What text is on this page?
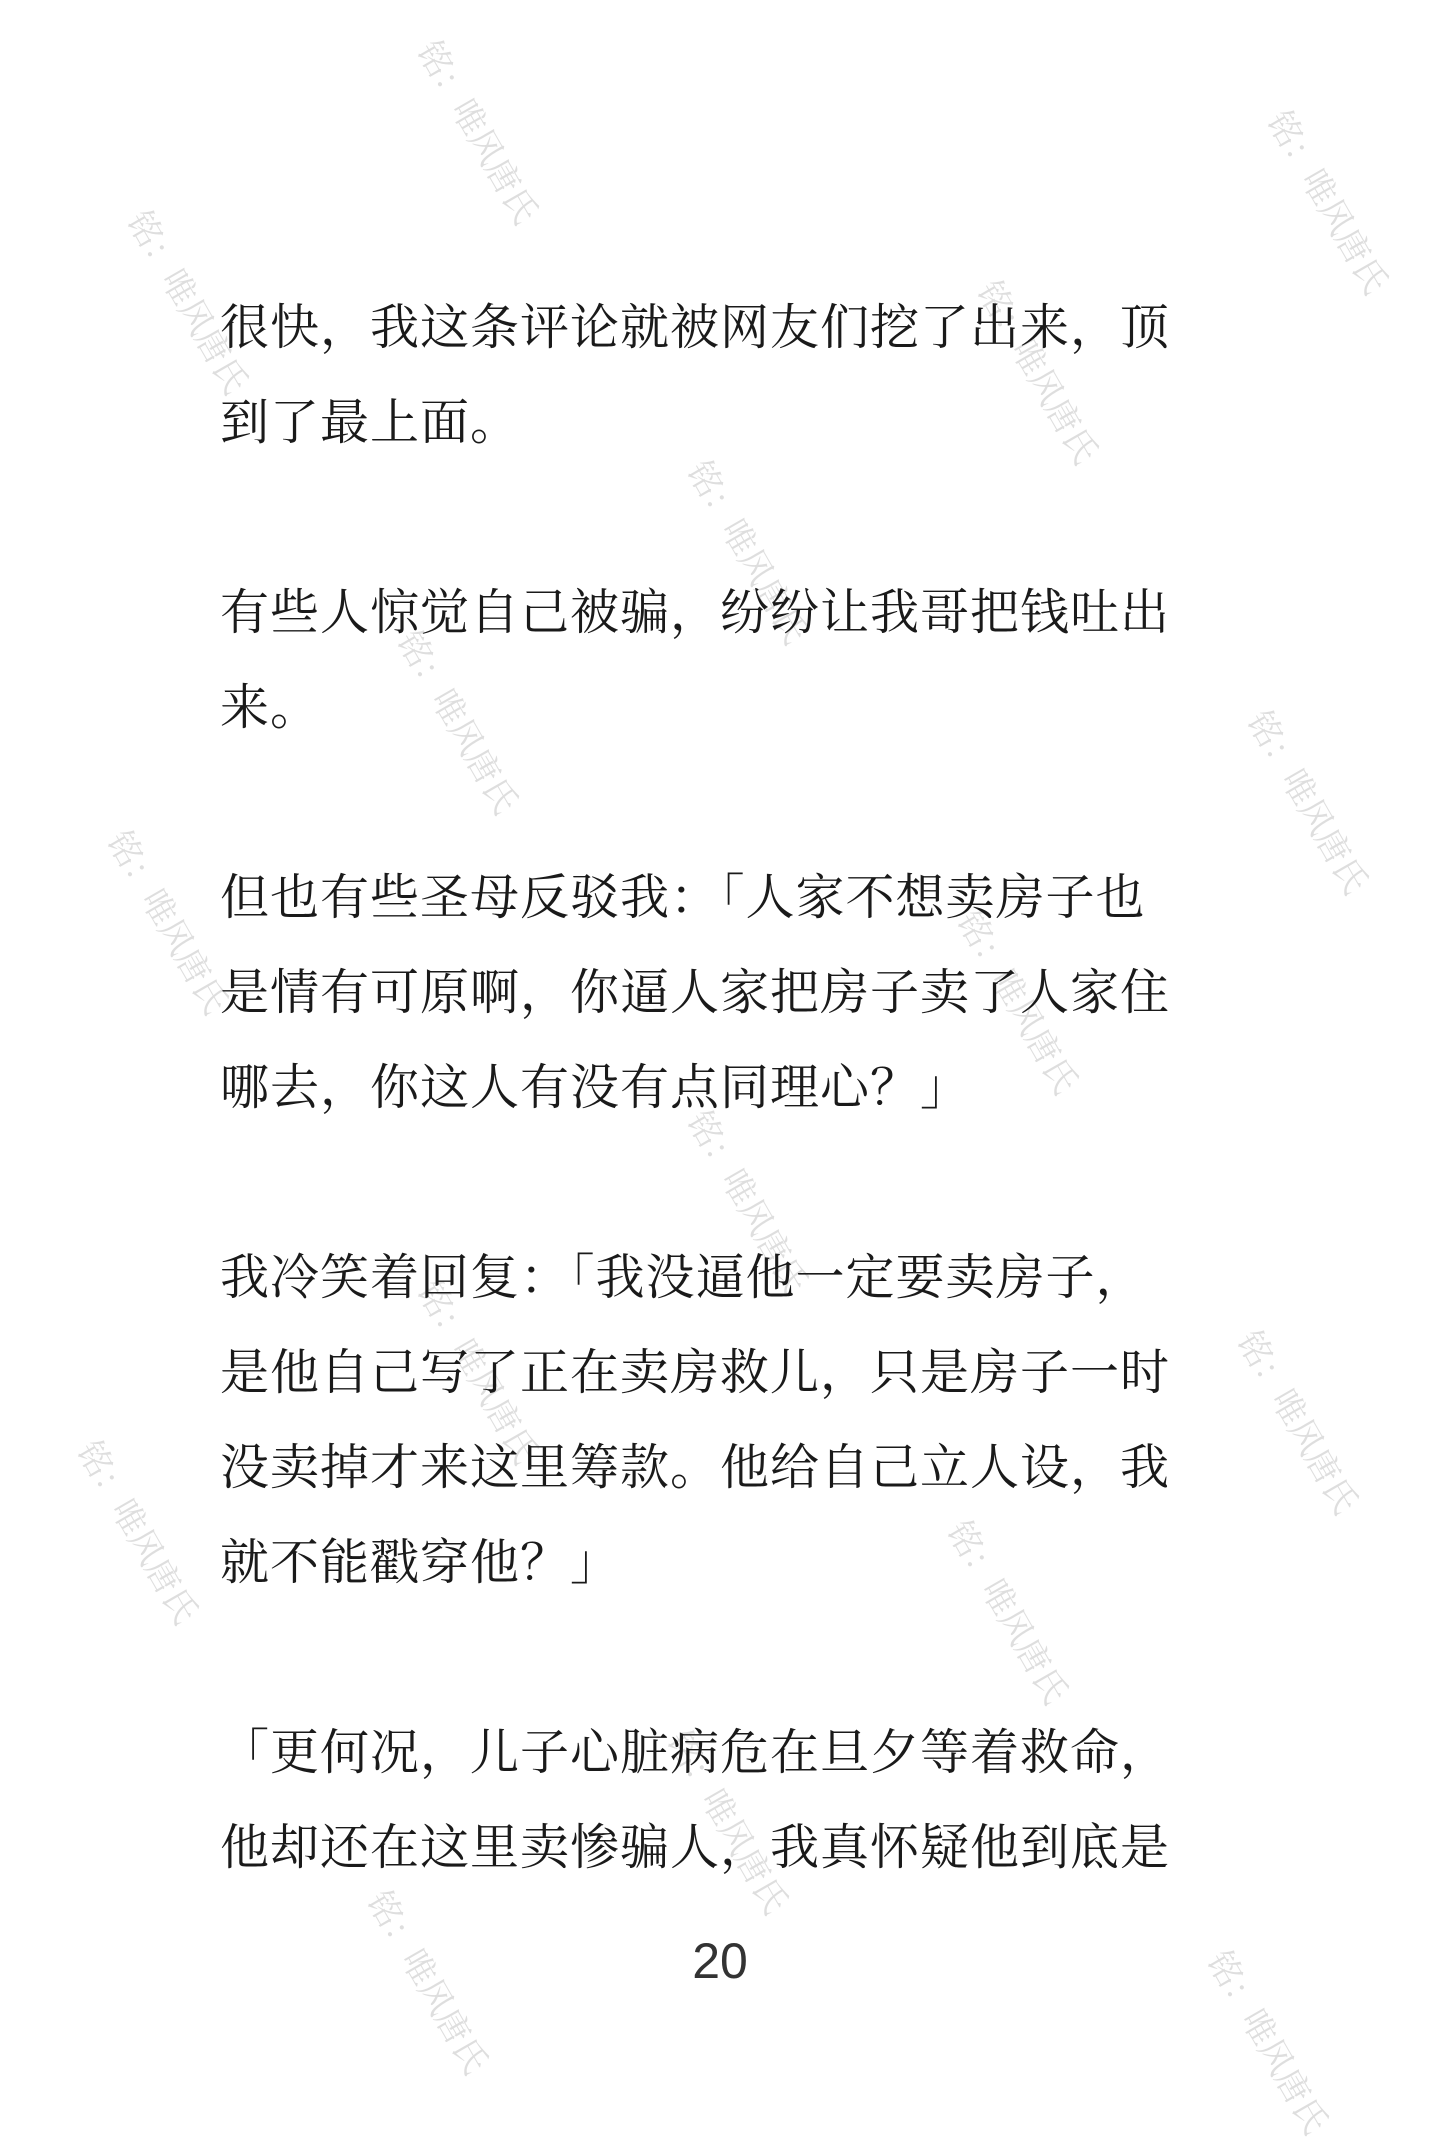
铭：唯风唐氏	铭：唯风唐氏
铭：唯风唐氏	铭：唯风唐氏
铭：唯风唐氏
铭：唯风唐氏	铭：唯风唐氏
铭：唯风唐氏	铭：唯风唐氏
铭：唯风唐氏
铭：唯风唐氏	铭：唯风唐氏
铭：唯风唐氏	铭：唯风唐氏
铭：唯风唐氏
铭：唯风唐氏	铭：唯风唐氏

很快，我这条评论就被网友们挖了出来，顶
到了最上面。

有些人惊觉自己被骗，纷纷让我哥把钱吐出
来。

但也有些圣母反驳我：「人家不想卖房子也
是情有可原啊，你逼人家把房子卖了人家住
哪去，你这人有没有点同理心？」

我冷笑着回复：「我没逼他一定要卖房子，
是他自己写了正在卖房救儿，只是房子一时
没卖掉才来这里筹款。他给自己立人设，我
就不能戳穿他？」

「更何况，儿子心脏病危在旦夕等着救命，
他却还在这里卖惨骗人，我真怀疑他到底是

20
